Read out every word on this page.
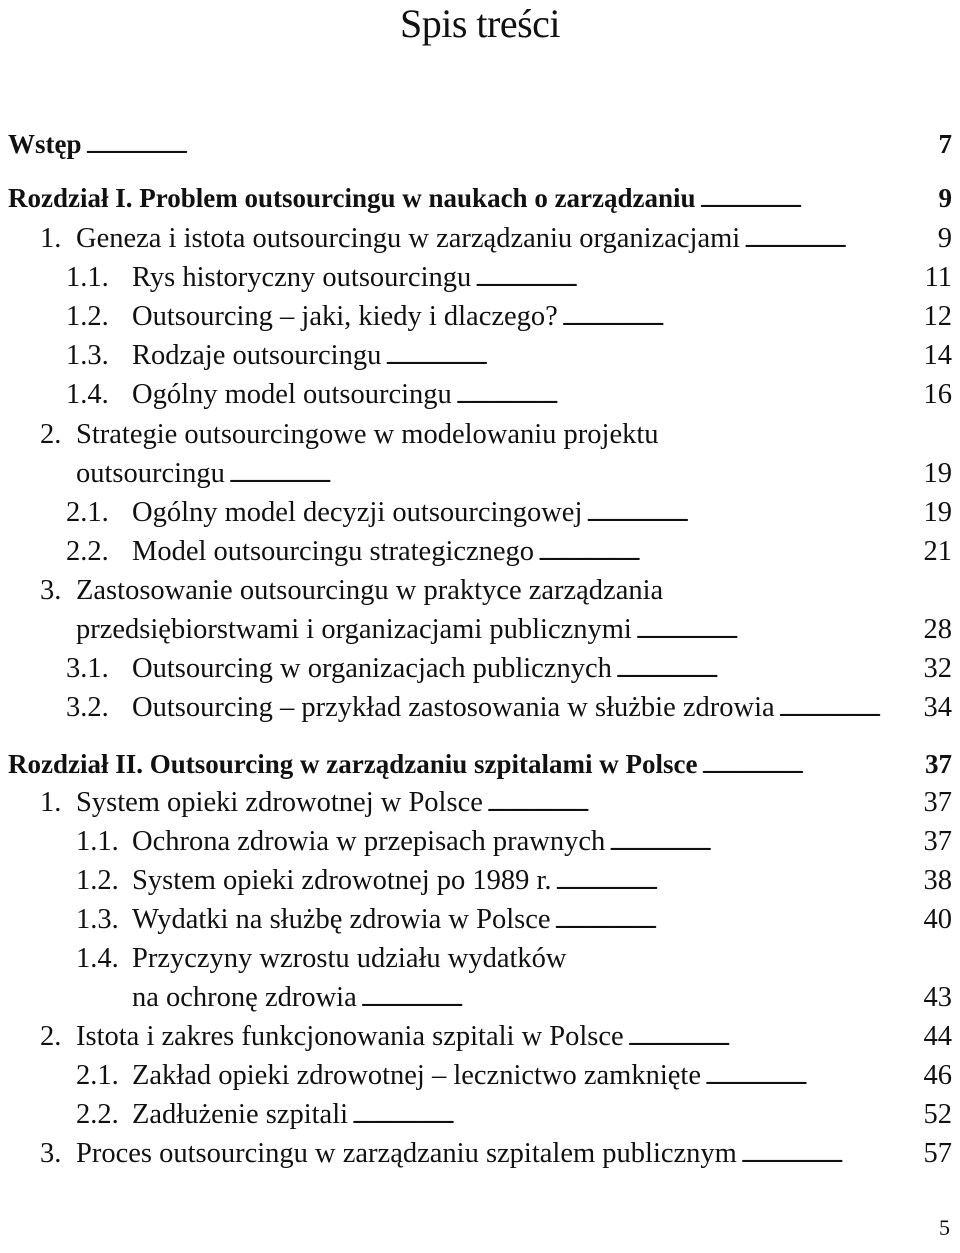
Spis treści
Wstęp . . .	7
Rozdział I. Problem outsourcingu w naukach o zarządzaniu . . .	9
1. Geneza i istota outsourcingu w zarządzaniu organizacjami . . .	9
1.1. Rys historyczny outsourcingu . . .	11
1.2. Outsourcing – jaki, kiedy i dlaczego? . . .	12
1.3. Rodzaje outsourcingu . . .	14
1.4. Ogólny model outsourcingu . . .	16
2. Strategie outsourcingowe w modelowaniu projektu
outsourcingu . . .	19
2.1. Ogólny model decyzji outsourcingowej . . .	19
2.2. Model outsourcingu strategicznego . . .	21
3. Zastosowanie outsourcingu w praktyce zarządzania
przedsiębiorstwami i organizacjami publicznymi . . .	28
3.1. Outsourcing w organizacjach publicznych . . .	32
3.2. Outsourcing – przykład zastosowania w służbie zdrowia . . .	34
Rozdział II. Outsourcing w zarządzaniu szpitalami w Polsce . . .	37
1. System opieki zdrowotnej w Polsce . . .	37
1.1. Ochrona zdrowia w przepisach prawnych . . .	37
1.2. System opieki zdrowotnej po 1989 r. . . .	38
1.3. Wydatki na służbę zdrowia w Polsce . . .	40
1.4. Przyczyny wzrostu udziału wydatków
na ochronę zdrowia . . .	43
2. Istota i zakres funkcjonowania szpitali w Polsce . . .	44
2.1. Zakład opieki zdrowotnej – lecznictwo zamknięte . . .	46
2.2. Zadłużenie szpitali . . .	52
3. Proces outsourcingu w zarządzaniu szpitalem publicznym . . .	57
5
